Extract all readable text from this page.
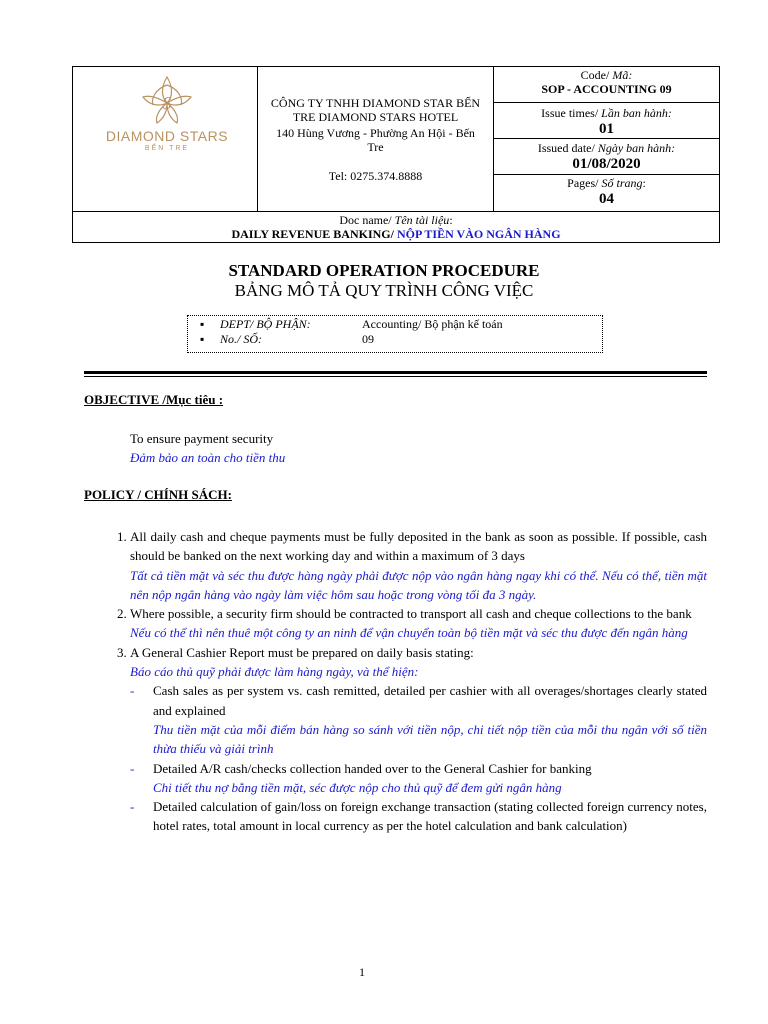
S
DIAMOND STARS
BẾN TRE
CÔNG TY TNHH DIAMOND STAR BẾN TRE DIAMOND STARS HOTEL
140 Hùng Vương - Phường An Hội - Bến Tre
Tel: 0275.374.8888
Code/ Mã:
SOP - ACCOUNTING 09
Issue times/ Lần ban hành:
01
Issued date/ Ngày ban hành:
01/08/2020
Pages/ Số trang:
04
Doc name/ Tên tài liệu:
DAILY REVENUE BANKING/ NỘP TIỀN VÀO NGÂN HÀNG
STANDARD OPERATION PROCEDURE
BẢNG MÔ TẢ QUY TRÌNH CÔNG VIỆC
▪ DEPT/ BỘ PHẬN:	Accounting/ Bộ phận kế toán
▪ No./ SỐ:	09
OBJECTIVE /Mục tiêu :
To ensure payment security
Đảm bảo an toàn cho tiền thu
POLICY / CHÍNH SÁCH:
1. All daily cash and cheque payments must be fully deposited in the bank as soon as possible. If possible, cash should be banked on the next working day and within a maximum of 3 days
Tất cả tiền mặt và séc thu được hàng ngày phải được nộp vào ngân hàng ngay khi có thể. Nếu có thể, tiền mặt nên nộp ngân hàng vào ngày làm việc hôm sau hoặc trong vòng tối đa 3 ngày.
2. Where possible, a security firm should be contracted to transport all cash and cheque collections to the bank
Nếu có thể thì nên thuê một công ty an ninh để vận chuyển toàn bộ tiền mặt và séc thu được đến ngân hàng
3. A General Cashier Report must be prepared on daily basis stating:
Báo cáo thủ quỹ phải được làm hàng ngày, và thể hiện:
- Cash sales as per system vs. cash remitted, detailed per cashier with all overages/shortages clearly stated and explained
Thu tiền mặt của mỗi điểm bán hàng so sánh với tiền nộp, chi tiết nộp tiền của mỗi thu ngân với số tiền thừa thiếu và giải trình
- Detailed A/R cash/checks collection handed over to the General Cashier for banking
Chi tiết thu nợ bằng tiền mặt, séc được nộp cho thủ quỹ để đem gửi ngân hàng
- Detailed calculation of gain/loss on foreign exchange transaction (stating collected foreign currency notes, hotel rates, total amount in local currency as per the hotel calculation and bank calculation)
1
